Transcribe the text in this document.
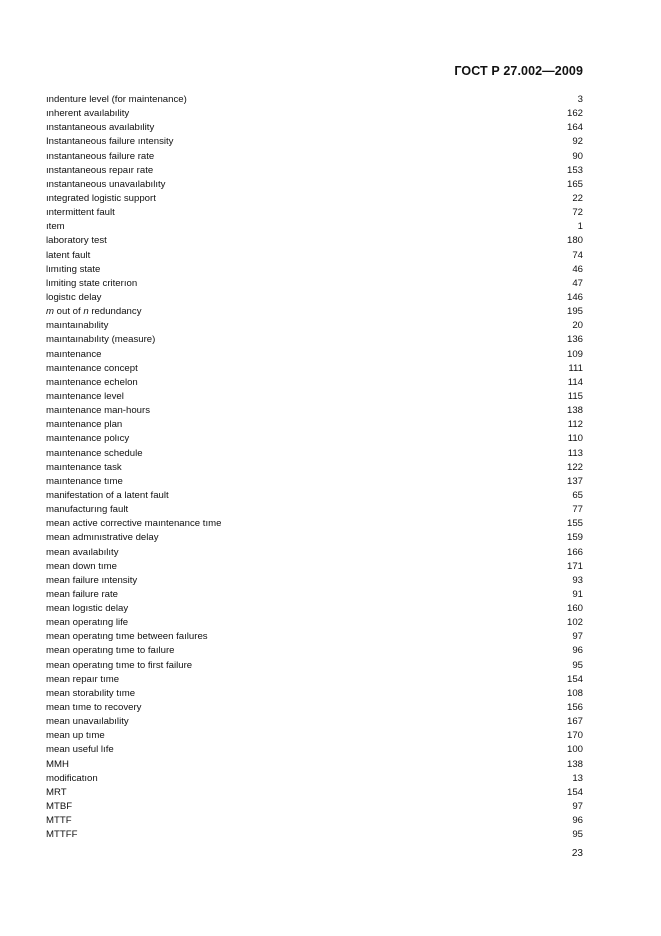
ГОСТ Р 27.002—2009
ındenture level (for maintenance)	3
ınherent avaılabılity	162
ınstantaneous avaılabılity	164
Instantaneous failure ıntensity	92
ınstantaneous failure rate	90
ınstantaneous repaır rate	153
ınstantaneous unavaılabılıty	165
ıntegrated logistic support	22
ıntermittent fault	72
ıtem	1
laboratory test	180
latent fault	74
lımıting state	46
lımiting state criterıon	47
logistıc delay	146
m out of n redundancy	195
maıntaınabılity	20
maıntaınabılıty (measure)	136
maıntenance	109
maıntenance concept	111
maıntenance echelon	114
maıntenance level	115
maıntenance man-hours	138
maıntenance plan	112
maıntenance polıcy	110
maıntenance schedule	113
maıntenance task	122
maıntenance tıme	137
manifestation of a latent fault	65
manufacturıng fault	77
mean active corrective maıntenance tıme	155
mean admınıstrative delay	159
mean avaılabılıty	166
mean down tıme	171
mean failure ıntensity	93
mean failure rate	91
mean logıstic delay	160
mean operatıng life	102
mean operatıng tıme between faılures	97
mean operatıng tıme to faılure	96
mean operatıng tıme to first failure	95
mean repaır tıme	154
mean storabılity tıme	108
mean tıme to recovery	156
mean unavaılabılity	167
mean up tıme	170
mean useful lıfe	100
MMH	138
modificatıon	13
MRT	154
MTBF	97
MTTF	96
MTTFF	95
23
